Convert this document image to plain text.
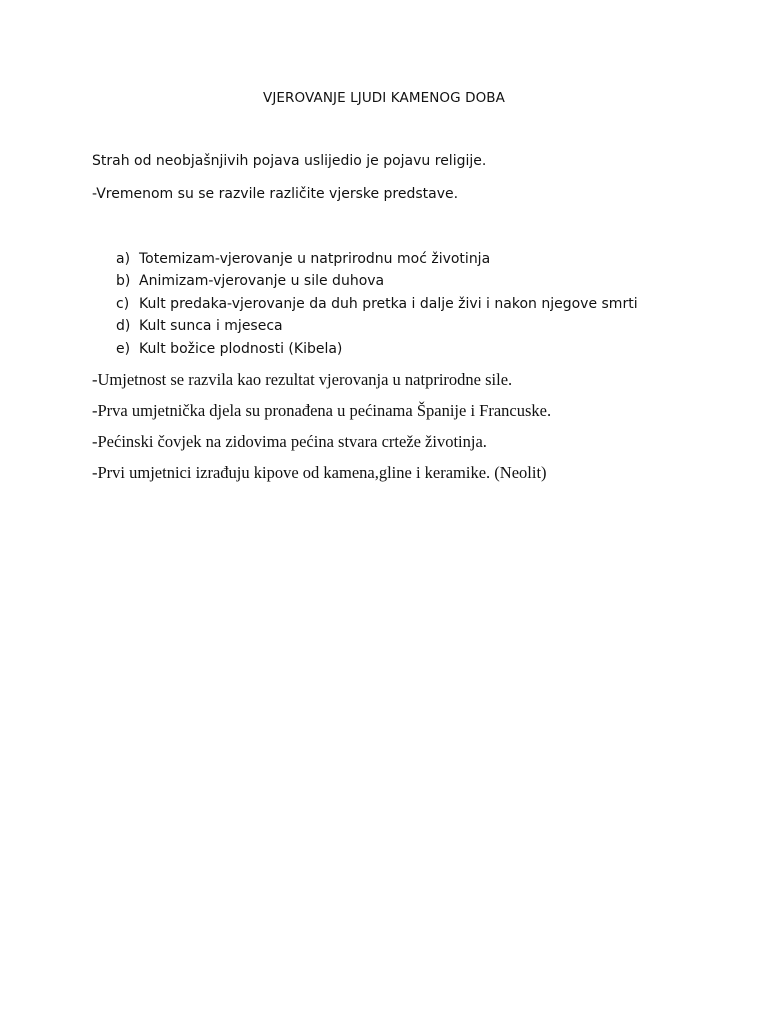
VJEROVANJE LJUDI KAMENOG DOBA
Strah od neobjašnjivih pojava uslijedio je pojavu religije.
-Vremenom su se razvile različite vjerske predstave.
a) Totemizam-vjerovanje u natprirodnu moć životinja
b) Animizam-vjerovanje u sile duhova
c) Kult predaka-vjerovanje da duh pretka i dalje živi i nakon njegove smrti
d) Kult sunca i mjeseca
e) Kult božice plodnosti (Kibela)
-Umjetnost se razvila kao rezultat vjerovanja u natprirodne sile.
-Prva umjetnička djela su pronađena u pećinama Španije i Francuske.
-Pećinski čovjek na zidovima pećina stvara crteže životinja.
-Prvi umjetnici izrađuju kipove od kamena,gline i keramike. (Neolit)
